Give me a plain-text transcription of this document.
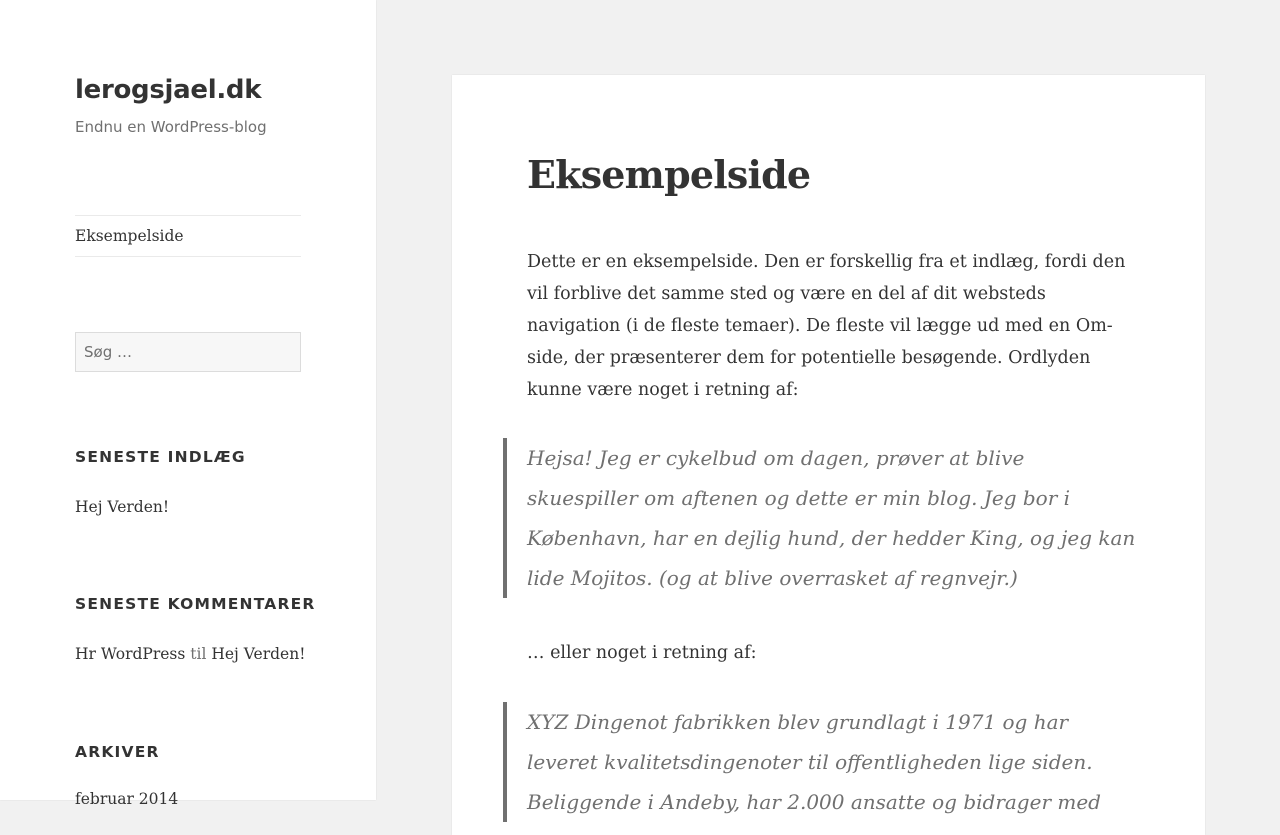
lerogsjael.dk
Endnu en WordPress-blog
Eksempelside
Søg …
SENESTE INDLÆG
Hej Verden!
SENESTE KOMMENTARER
Hr WordPress til Hej Verden!
ARKIVER
februar 2014
Eksempelside

Dette er en eksempelside. Den er forskellig fra et indlæg, fordi den vil forblive det samme sted og være en del af dit websteds navigation (i de fleste temaer). De fleste vil lægge ud med en Om-side, der præsenterer dem for potentielle besøgende. Ordlyden kunne være noget i retning af:

Hejsa! Jeg er cykelbud om dagen, prøver at blive skuespiller om aftenen og dette er min blog. Jeg bor i København, har en dejlig hund, der hedder King, og jeg kan lide Mojitos. (og at blive overrasket af regnvejr.)

… eller noget i retning af:

XYZ Dingenot fabrikken blev grundlagt i 1971 og har leveret kvalitetsdingenoter til offentligheden lige siden. Beliggende i Andeby, har 2.000 ansatte og bidrager med
